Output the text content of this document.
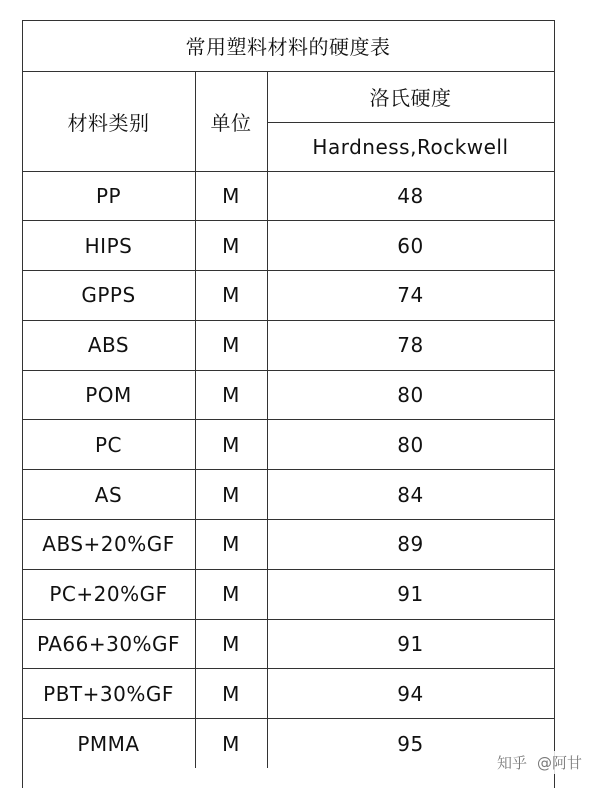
常用塑料材料的硬度表		
材料类别	单位	洛氏硬度
		Hardness,Rockwell
PP	M	48
HIPS	M	60
GPPS	M	74
ABS	M	78
POM	M	80
PC	M	80
AS	M	84
ABS+20%GF	M	89
PC+20%GF	M	91
PA66+30%GF	M	91
PBT+30%GF	M	94
PMMA	M	95
知乎 @阿甘
